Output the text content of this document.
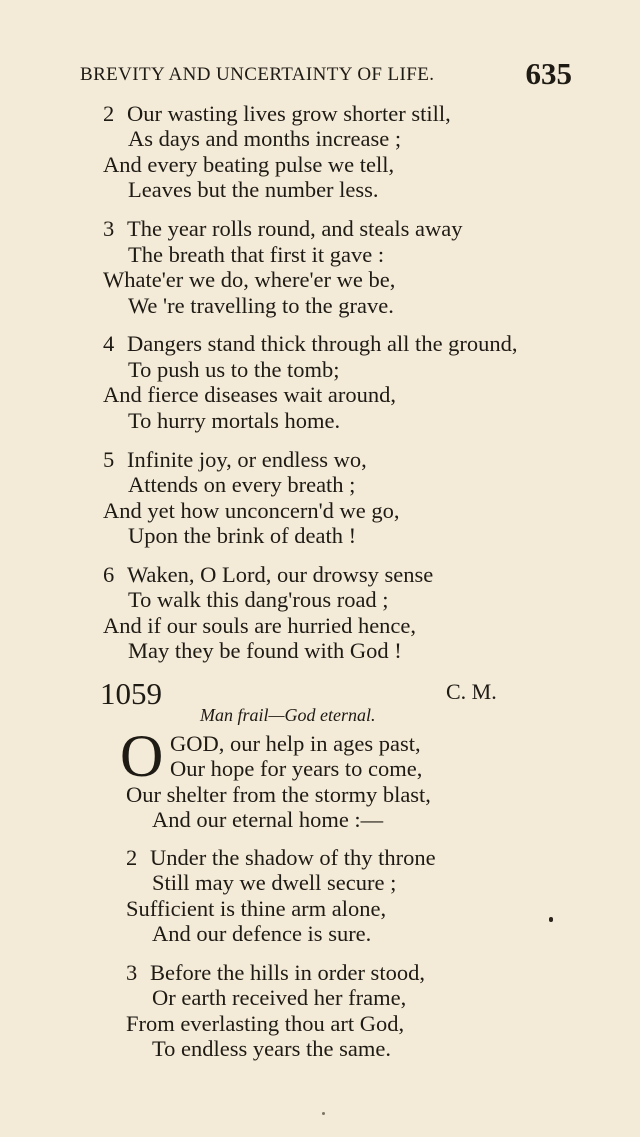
BREVITY AND UNCERTAINTY OF LIFE.	635
2 Our wasting lives grow shorter still,
As days and months increase ;
And every beating pulse we tell,
Leaves but the number less.
3 The year rolls round, and steals away
The breath that first it gave :
Whate'er we do, where'er we be,
We 're travelling to the grave.
4 Dangers stand thick through all the ground,
To push us to the tomb;
And fierce diseases wait around,
To hurry mortals home.
5 Infinite joy, or endless wo,
Attends on every breath ;
And yet how unconcern'd we go,
Upon the brink of death !
6 Waken, O Lord, our drowsy sense
To walk this dang'rous road ;
And if our souls are hurried hence,
May they be found with God !
1059	C. M.
Man frail—God eternal.
O GOD, our help in ages past,
Our hope for years to come,
Our shelter from the stormy blast,
And our eternal home :—
2 Under the shadow of thy throne
Still may we dwell secure ;
Sufficient is thine arm alone,
And our defence is sure.
3 Before the hills in order stood,
Or earth received her frame,
From everlasting thou art God,
To endless years the same.
